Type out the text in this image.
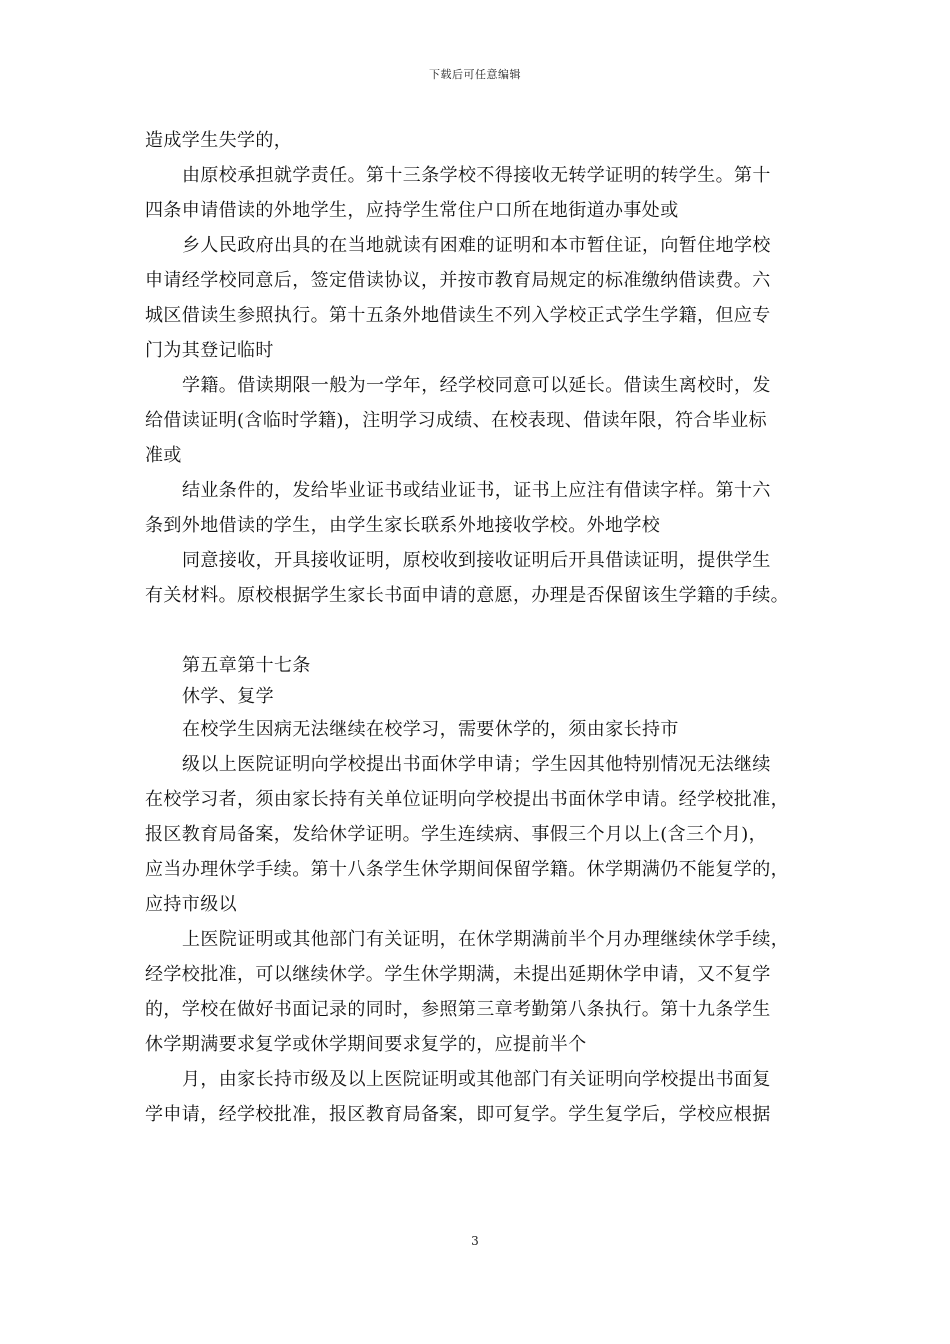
下载后可任意编辑
造成学生失学的，
由原校承担就学责任。第十三条学校不得接收无转学证明的转学生。第十
四条申请借读的外地学生，应持学生常住户口所在地街道办事处或
乡人民政府出具的在当地就读有困难的证明和本市暂住证，向暂住地学校
申请经学校同意后，签定借读协议，并按市教育局规定的标准缴纳借读费。六
城区借读生参照执行。第十五条外地借读生不列入学校正式学生学籍，但应专
门为其登记临时
学籍。借读期限一般为一学年，经学校同意可以延长。借读生离校时，发
给借读证明(含临时学籍)，注明学习成绩、在校表现、借读年限，符合毕业标
准或
结业条件的，发给毕业证书或结业证书，证书上应注有借读字样。第十六
条到外地借读的学生，由学生家长联系外地接收学校。外地学校
同意接收，开具接收证明，原校收到接收证明后开具借读证明，提供学生
有关材料。原校根据学生家长书面申请的意愿，办理是否保留该生学籍的手续。
第五章第十七条
休学、复学
在校学生因病无法继续在校学习，需要休学的，须由家长持市
级以上医院证明向学校提出书面休学申请；学生因其他特别情况无法继续
在校学习者，须由家长持有关单位证明向学校提出书面休学申请。经学校批准，
报区教育局备案，发给休学证明。学生连续病、事假三个月以上(含三个月)，
应当办理休学手续。第十八条学生休学期间保留学籍。休学期满仍不能复学的，
应持市级以
上医院证明或其他部门有关证明，在休学期满前半个月办理继续休学手续，
经学校批准，可以继续休学。学生休学期满，未提出延期休学申请，又不复学
的，学校在做好书面记录的同时，参照第三章考勤第八条执行。第十九条学生
休学期满要求复学或休学期间要求复学的，应提前半个
月，由家长持市级及以上医院证明或其他部门有关证明向学校提出书面复
学申请，经学校批准，报区教育局备案，即可复学。学生复学后，学校应根据
3
